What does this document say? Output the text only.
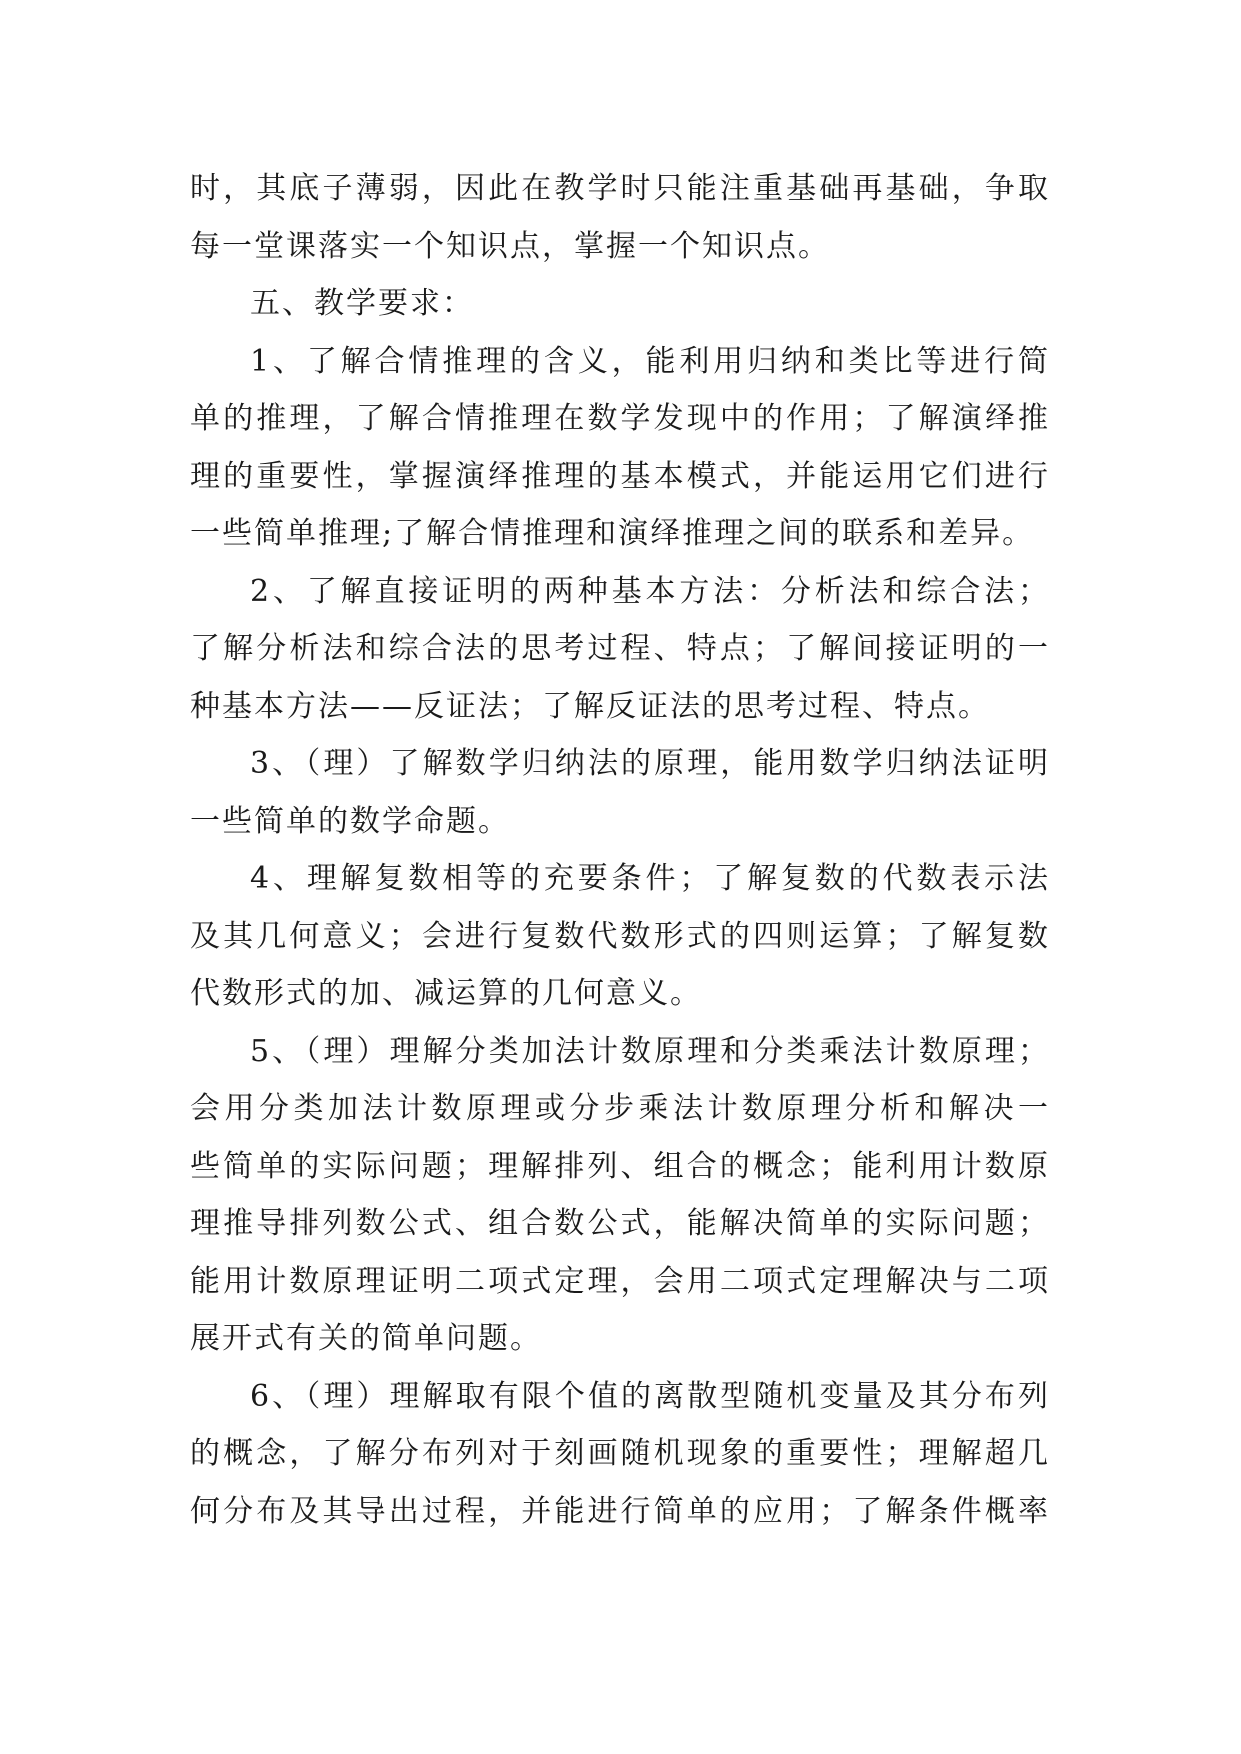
时，其底子薄弱，因此在教学时只能注重基础再基础，争取
每一堂课落实一个知识点，掌握一个知识点。
五、教学要求：
1、了解合情推理的含义，能利用归纳和类比等进行简
单的推理，了解合情推理在数学发现中的作用；了解演绎推
理的重要性，掌握演绎推理的基本模式，并能运用它们进行
一些简单推理;了解合情推理和演绎推理之间的联系和差异。
2、了解直接证明的两种基本方法：分析法和综合法；
了解分析法和综合法的思考过程、特点；了解间接证明的一
种基本方法——反证法；了解反证法的思考过程、特点。
3、（理）了解数学归纳法的原理，能用数学归纳法证明
一些简单的数学命题。
4、理解复数相等的充要条件；了解复数的代数表示法
及其几何意义；会进行复数代数形式的四则运算；了解复数
代数形式的加、减运算的几何意义。
5、（理）理解分类加法计数原理和分类乘法计数原理；
会用分类加法计数原理或分步乘法计数原理分析和解决一
些简单的实际问题；理解排列、组合的概念；能利用计数原
理推导排列数公式、组合数公式，能解决简单的实际问题；
能用计数原理证明二项式定理，会用二项式定理解决与二项
展开式有关的简单问题。
6、（理）理解取有限个值的离散型随机变量及其分布列
的概念，了解分布列对于刻画随机现象的重要性；理解超几
何分布及其导出过程，并能进行简单的应用；了解条件概率
